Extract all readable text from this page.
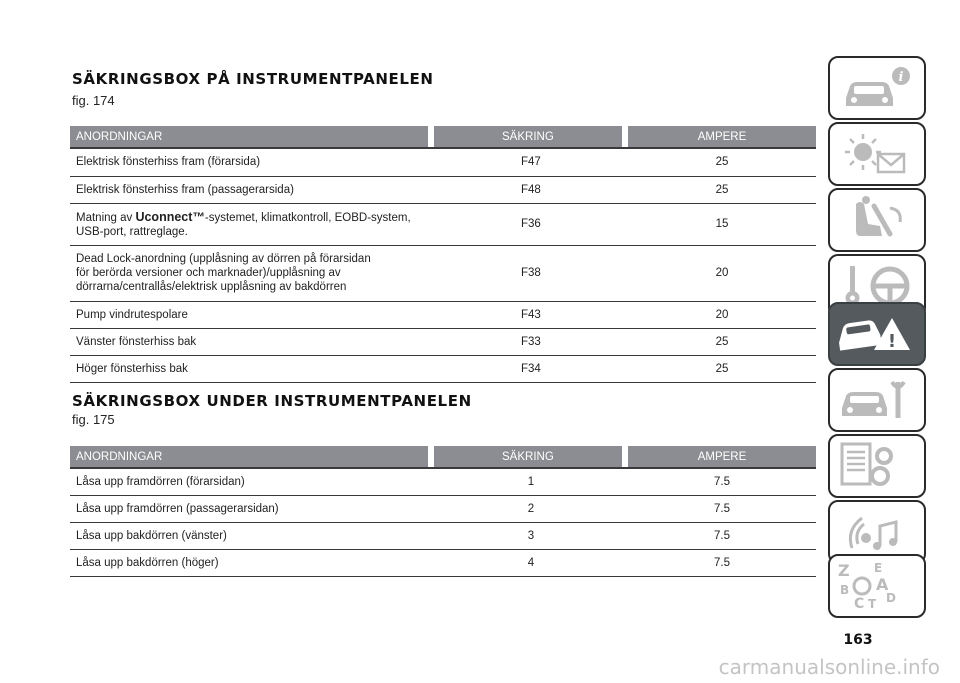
SÄKRINGSBOX PÅ INSTRUMENTPANELEN
fig. 174
ANORDNINGAR		SÄKRING		AMPERE
Elektrisk fönsterhiss fram (förarsida)		F47		25
Elektrisk fönsterhiss fram (passagerarsida)		F48		25
Matning av Uconnect™-systemet, klimatkontroll, EOBD-system,
USB-port, rattreglage.		F36		15
Dead Lock-anordning (upplåsning av dörren på förarsidan
för berörda versioner och marknader)/upplåsning av
dörrarna/centrallås/elektrisk upplåsning av bakdörren		F38		20
Pump vindrutespolare		F43		20
Vänster fönsterhiss bak		F33		25
Höger fönsterhiss bak		F34		25
SÄKRINGSBOX UNDER INSTRUMENTPANELEN
fig. 175
ANORDNINGAR		SÄKRING		AMPERE
Låsa upp framdörren (förarsidan)		1		7.5
Låsa upp framdörren (passagerarsidan)		2		7.5
Låsa upp bakdörren (vänster)		3		7.5
Låsa upp bakdörren (höger)		4		7.5
i
!
Z E
B A
C T D
163
carmanualsonline.info
